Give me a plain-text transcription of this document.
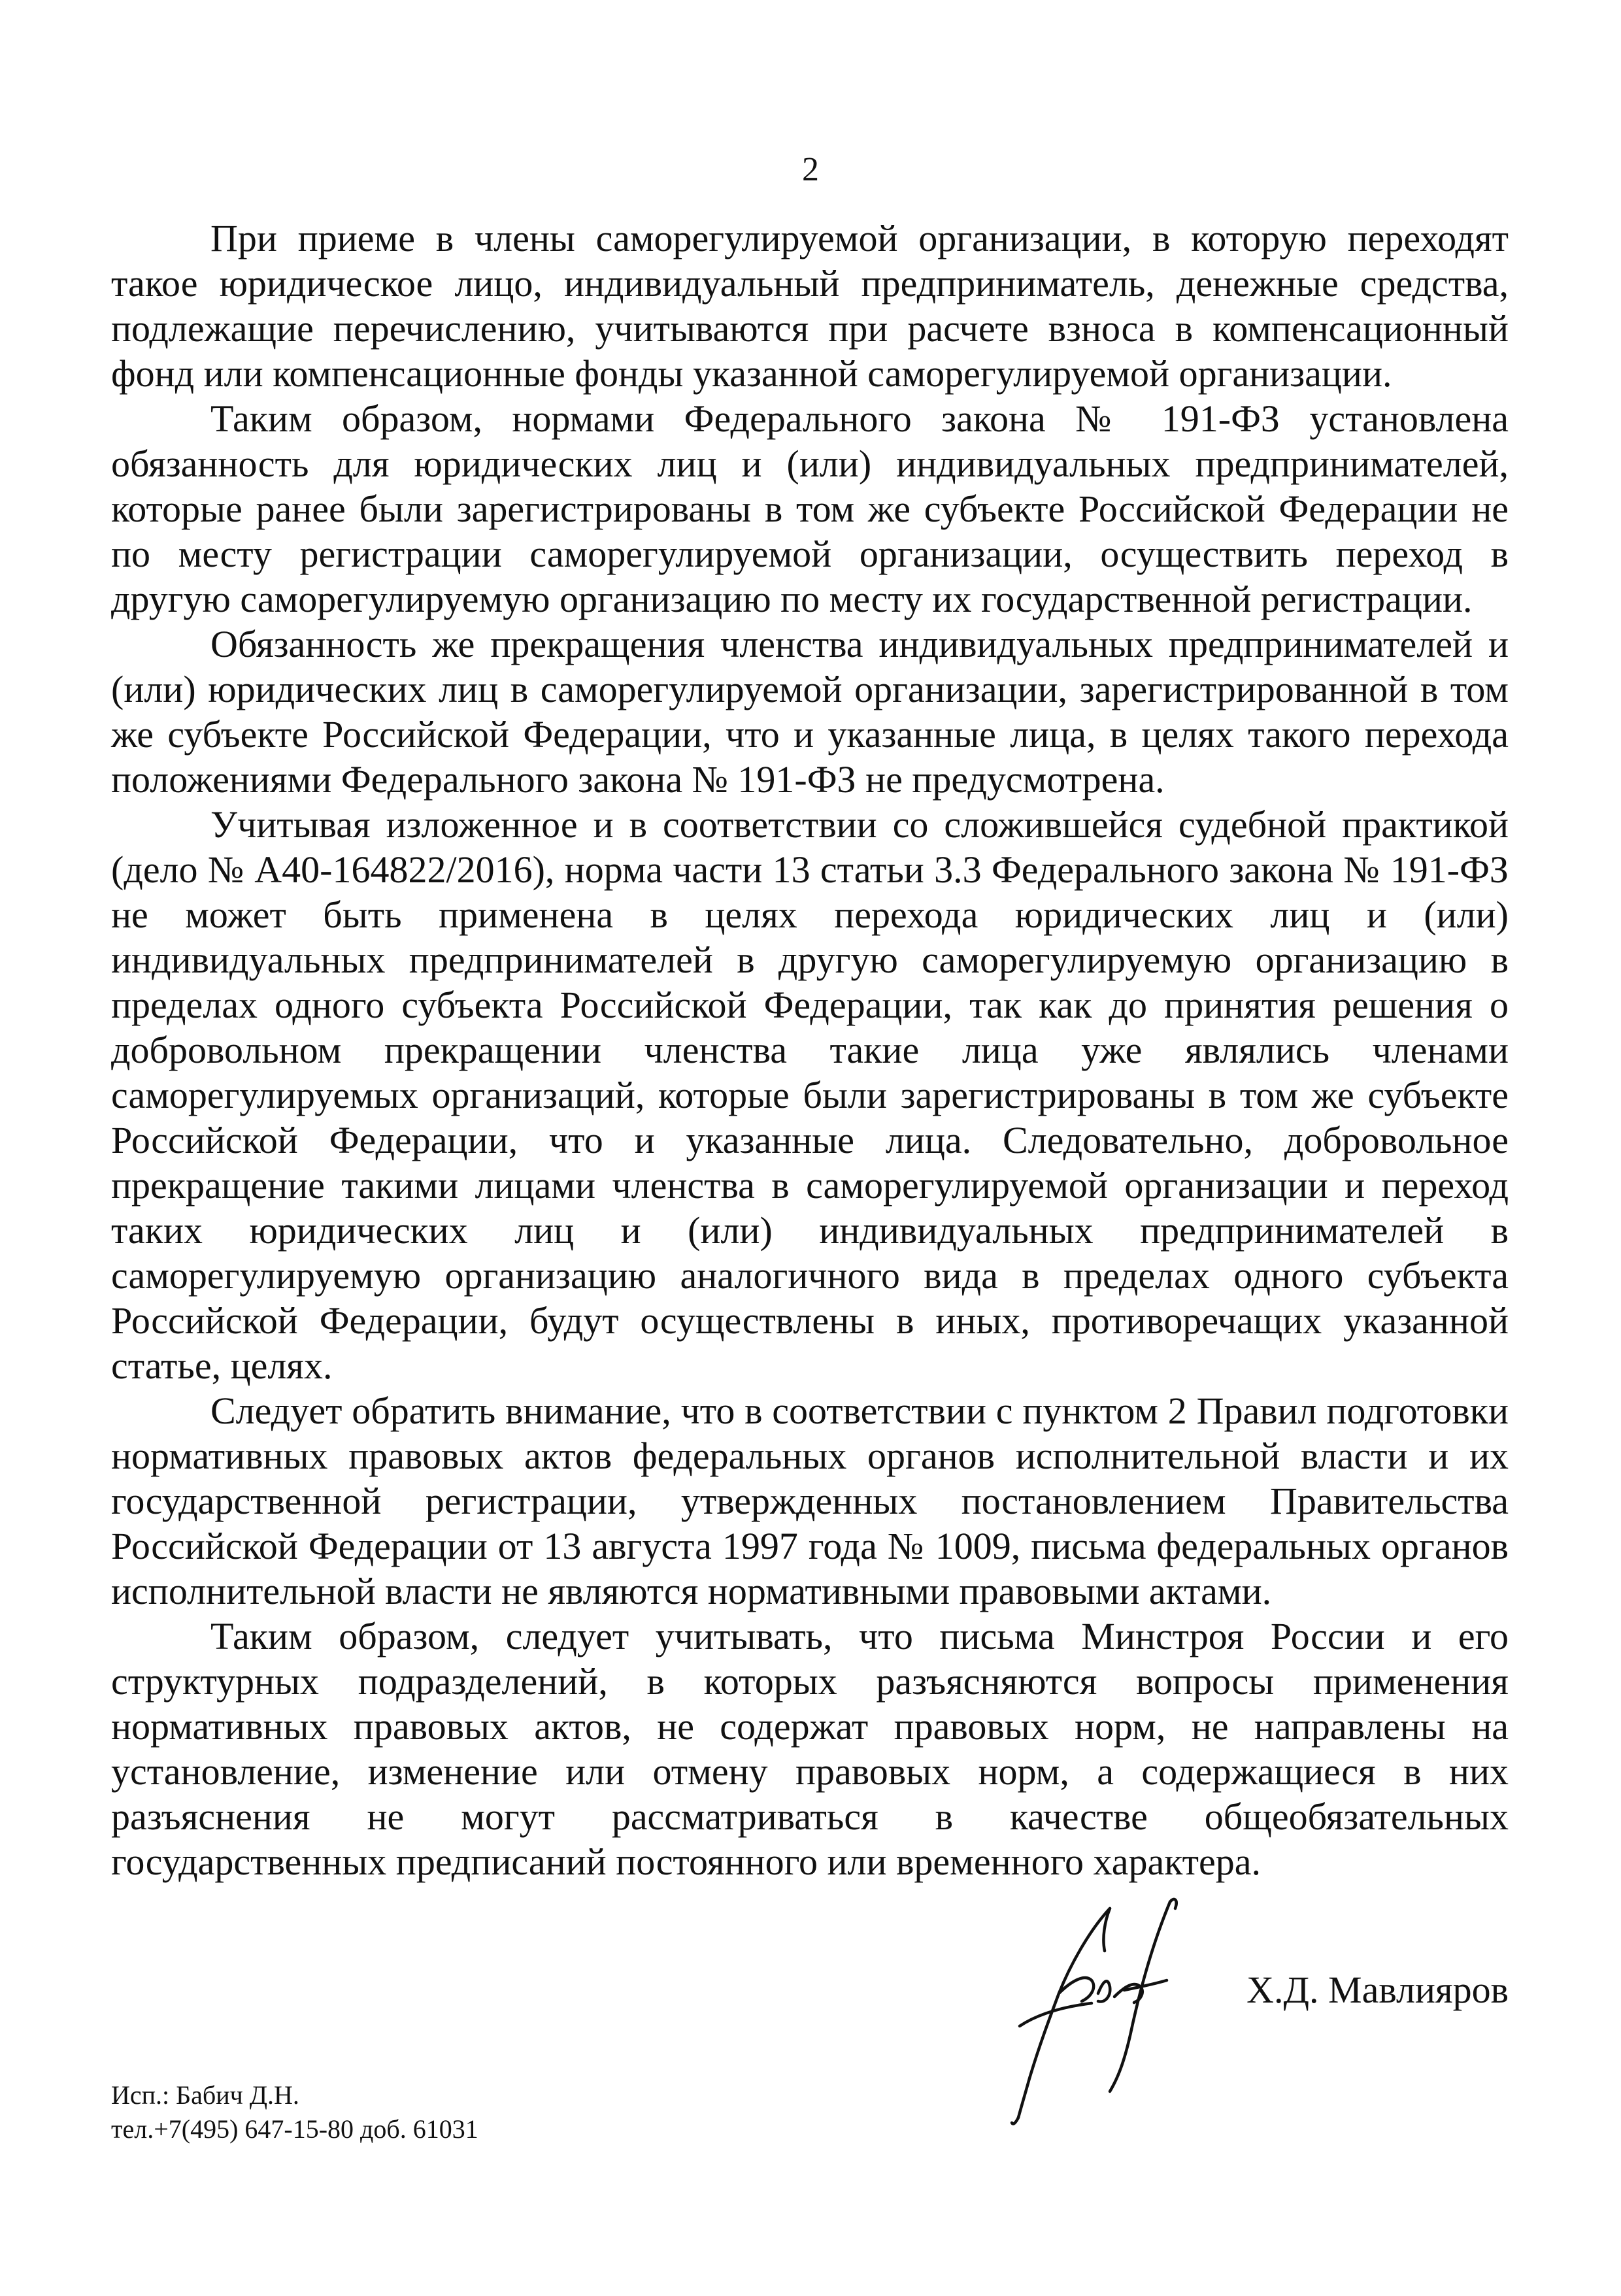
2

При приеме в члены саморегулируемой организации, в которую переходят такое юридическое лицо, индивидуальный предприниматель, денежные средства, подлежащие перечислению, учитываются при расчете взноса в компенсационный фонд или компенсационные фонды указанной саморегулируемой организации.

Таким образом, нормами Федерального закона № 191-ФЗ установлена обязанность для юридических лиц и (или) индивидуальных предпринимателей, которые ранее были зарегистрированы в том же субъекте Российской Федерации не по месту регистрации саморегулируемой организации, осуществить переход в другую саморегулируемую организацию по месту их государственной регистрации.

Обязанность же прекращения членства индивидуальных предпринимателей и (или) юридических лиц в саморегулируемой организации, зарегистрированной в том же субъекте Российской Федерации, что и указанные лица, в целях такого перехода положениями Федерального закона № 191-ФЗ не предусмотрена.

Учитывая изложенное и в соответствии со сложившейся судебной практикой (дело № А40-164822/2016), норма части 13 статьи 3.3 Федерального закона № 191-ФЗ не может быть применена в целях перехода юридических лиц и (или) индивидуальных предпринимателей в другую саморегулируемую организацию в пределах одного субъекта Российской Федерации, так как до принятия решения о добровольном прекращении членства такие лица уже являлись членами саморегулируемых организаций, которые были зарегистрированы в том же субъекте Российской Федерации, что и указанные лица. Следовательно, добровольное прекращение такими лицами членства в саморегулируемой организации и переход таких юридических лиц и (или) индивидуальных предпринимателей в саморегулируемую организацию аналогичного вида в пределах одного субъекта Российской Федерации, будут осуществлены в иных, противоречащих указанной статье, целях.

Следует обратить внимание, что в соответствии с пунктом 2 Правил подготовки нормативных правовых актов федеральных органов исполнительной власти и их государственной регистрации, утвержденных постановлением Правительства Российской Федерации от 13 августа 1997 года № 1009, письма федеральных органов исполнительной власти не являются нормативными правовыми актами.

Таким образом, следует учитывать, что письма Минстроя России и его структурных подразделений, в которых разъясняются вопросы применения нормативных правовых актов, не содержат правовых норм, не направлены на установление, изменение или отмену правовых норм, а содержащиеся в них разъяснения не могут рассматриваться в качестве общеобязательных государственных предписаний постоянного или временного характера.

Х.Д. Мавлияров
Исп.: Бабич Д.Н.
тел.+7(495) 647-15-80 доб. 61031
